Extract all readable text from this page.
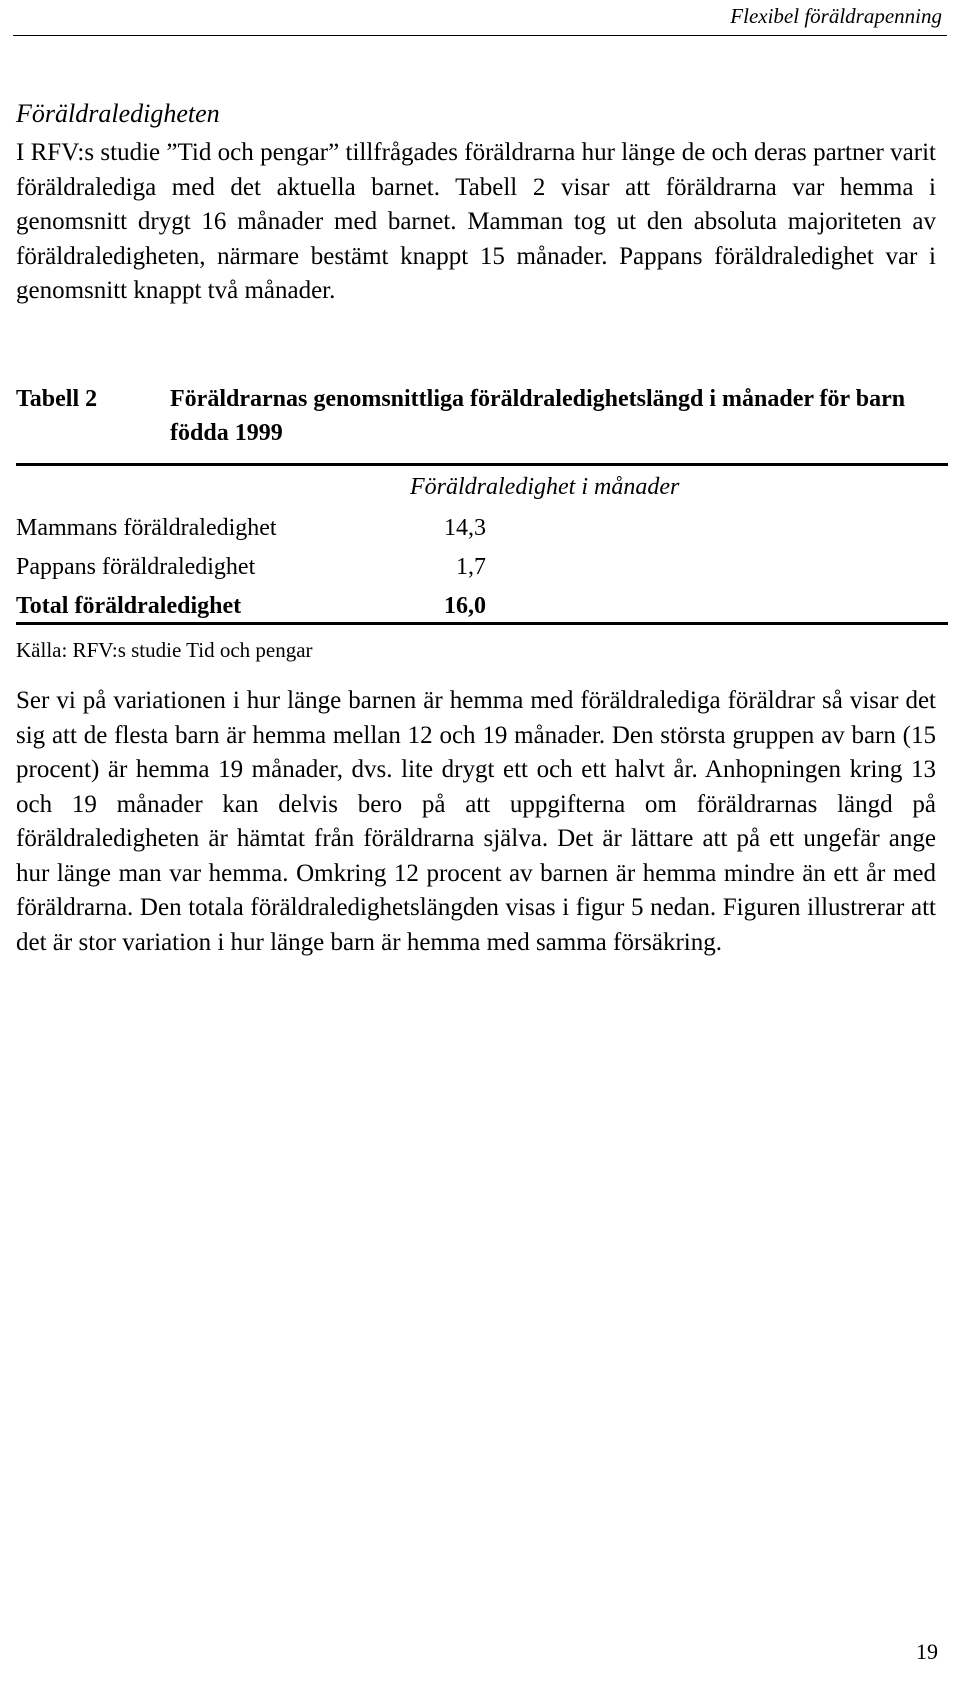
Flexibel föräldrapenning
Föräldraledigheten

I RFV:s studie ”Tid och pengar” tillfrågades föräldrarna hur länge de och deras partner varit föräldralediga med det aktuella barnet. Tabell 2 visar att föräldrarna var hemma i genomsnitt drygt 16 månader med barnet. Mamman tog ut den absoluta majoriteten av föräldraledigheten, närmare bestämt knappt 15 månader. Pappans föräldraledighet var i genomsnitt knappt två månader.

Tabell 2	Föräldrarnas genomsnittliga föräldraledighetslängd i månader för barn födda 1999
Föräldraledighet i månader
Mammans föräldraledighet	14,3
Pappans föräldraledighet	1,7
Total föräldraledighet	16,0
Källa: RFV:s studie Tid och pengar

Ser vi på variationen i hur länge barnen är hemma med föräldralediga föräldrar så visar det sig att de flesta barn är hemma mellan 12 och 19 månader. Den största gruppen av barn (15 procent) är hemma 19 månader, dvs. lite drygt ett och ett halvt år. Anhopningen kring 13 och 19 månader kan delvis bero på att uppgifterna om föräldrarnas längd på föräldraledigheten är hämtat från föräldrarna själva. Det är lättare att på ett ungefär ange hur länge man var hemma. Omkring 12 procent av barnen är hemma mindre än ett år med föräldrarna. Den totala föräldraledighetslängden visas i figur 5 nedan. Figuren illustrerar att det är stor variation i hur länge barn är hemma med samma försäkring.

19
